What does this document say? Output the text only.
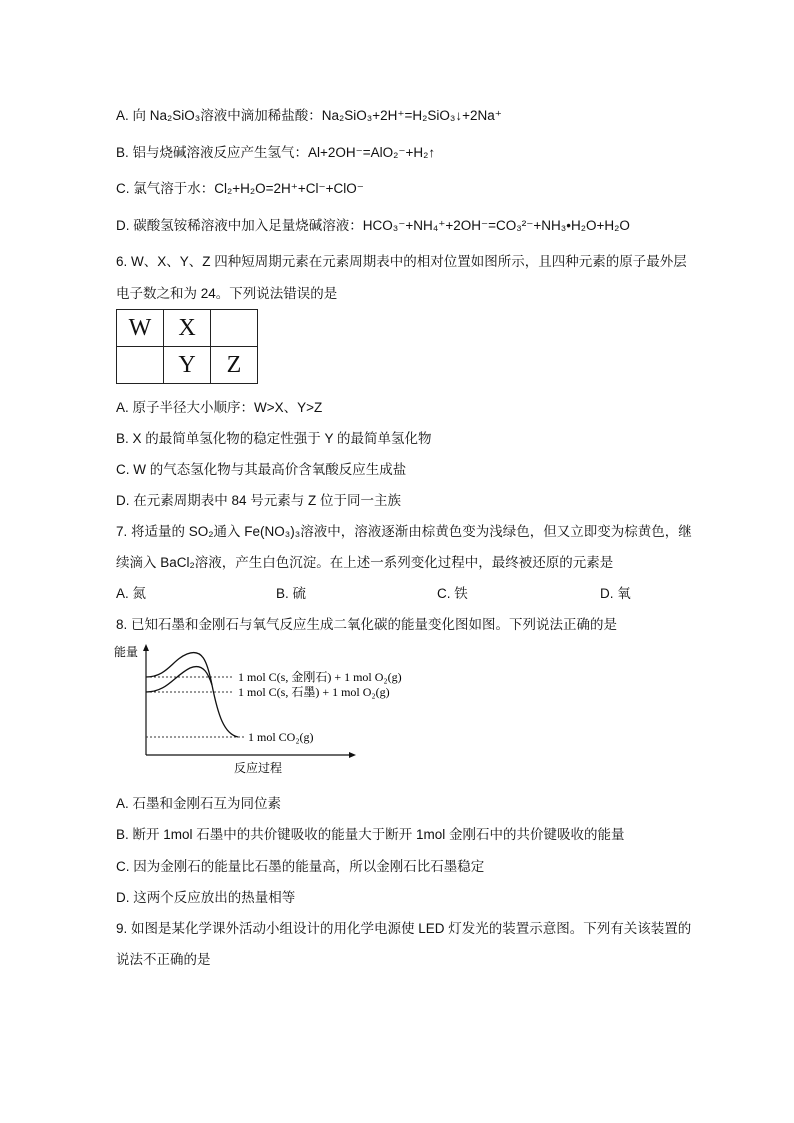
A. 向 Na₂SiO₃溶液中滴加稀盐酸：Na₂SiO₃+2H⁺=H₂SiO₃↓+2Na⁺
B. 铝与烧碱溶液反应产生氢气：Al+2OH⁻=AlO₂⁻+H₂↑
C. 氯气溶于水：Cl₂+H₂O=2H⁺+Cl⁻+ClO⁻
D. 碳酸氢铵稀溶液中加入足量烧碱溶液：HCO₃⁻+NH₄⁺+2OH⁻=CO₃²⁻+NH₃•H₂O+H₂O
6. W、X、Y、Z 四种短周期元素在元素周期表中的相对位置如图所示，且四种元素的原子最外层
电子数之和为 24。下列说法错误的是
W	X	
	Y	Z
A. 原子半径大小顺序：W>X、Y>Z
B. X 的最简单氢化物的稳定性强于 Y 的最简单氢化物
C. W 的气态氢化物与其最高价含氧酸反应生成盐
D. 在元素周期表中 84 号元素与 Z 位于同一主族
7. 将适量的 SO₂通入 Fe(NO₃)₃溶液中，溶液逐渐由棕黄色变为浅绿色，但又立即变为棕黄色，继
续滴入 BaCl₂溶液，产生白色沉淀。在上述一系列变化过程中，最终被还原的元素是
A. 氮	B. 硫	C. 铁	D. 氧
8. 已知石墨和金刚石与氧气反应生成二氧化碳的能量变化图如图。下列说法正确的是
能量
反应过程
1 mol C(s, 金刚石) + 1 mol O₂(g)
1 mol C(s, 石墨) + 1 mol O₂(g)
1 mol CO₂(g)
A. 石墨和金刚石互为同位素
B. 断开 1mol 石墨中的共价键吸收的能量大于断开 1mol 金刚石中的共价键吸收的能量
C. 因为金刚石的能量比石墨的能量高，所以金刚石比石墨稳定
D. 这两个反应放出的热量相等
9. 如图是某化学课外活动小组设计的用化学电源使 LED 灯发光的装置示意图。下列有关该装置的
说法不正确的是
